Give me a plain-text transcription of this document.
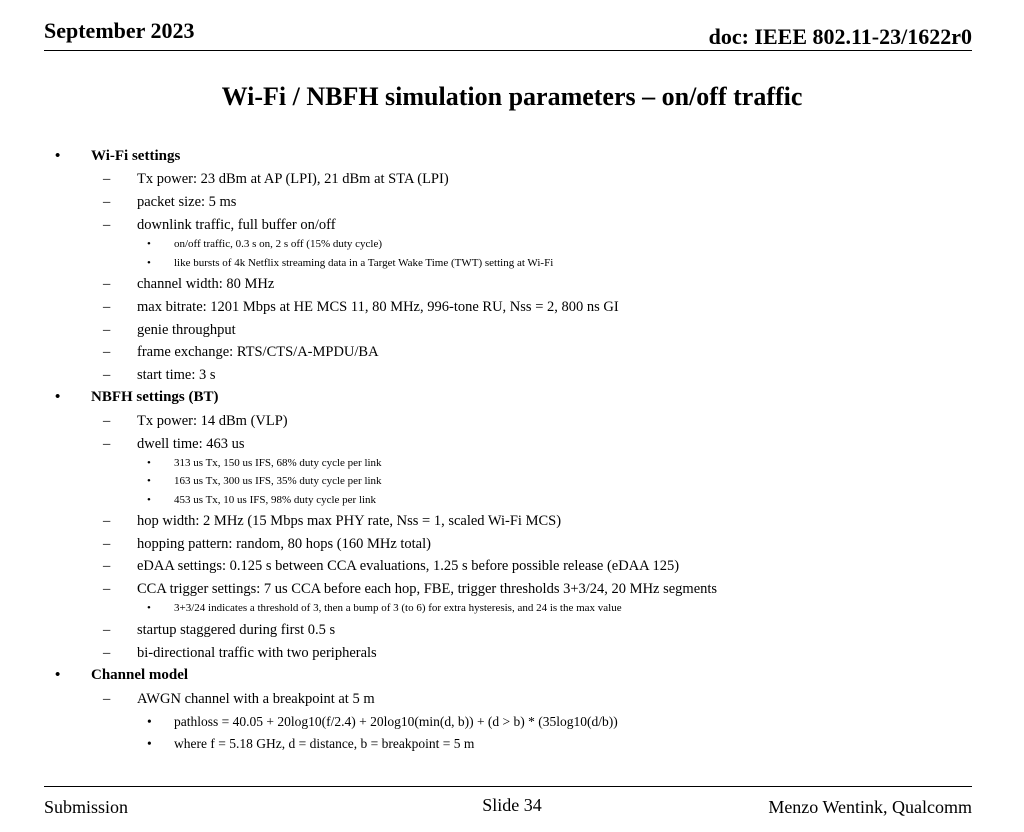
September 2023	doc: IEEE 802.11-23/1622r0
Wi-Fi / NBFH simulation parameters – on/off traffic
• Wi-Fi settings
– Tx power: 23 dBm at AP (LPI), 21 dBm at STA (LPI)
– packet size: 5 ms
– downlink traffic, full buffer on/off
• on/off traffic, 0.3 s on, 2 s off (15% duty cycle)
• like bursts of 4k Netflix streaming data in a Target Wake Time (TWT) setting at Wi-Fi
– channel width: 80 MHz
– max bitrate: 1201 Mbps at HE MCS 11, 80 MHz, 996-tone RU, Nss = 2, 800 ns GI
– genie throughput
– frame exchange: RTS/CTS/A-MPDU/BA
– start time: 3 s
• NBFH settings (BT)
– Tx power: 14 dBm (VLP)
– dwell time: 463 us
• 313 us Tx, 150 us IFS, 68% duty cycle per link
• 163 us Tx, 300 us IFS, 35% duty cycle per link
• 453 us Tx, 10 us IFS, 98% duty cycle per link
– hop width: 2 MHz (15 Mbps max PHY rate, Nss = 1, scaled Wi-Fi MCS)
– hopping pattern: random, 80 hops (160 MHz total)
– eDAA settings: 0.125 s between CCA evaluations, 1.25 s before possible release (eDAA 125)
– CCA trigger settings: 7 us CCA before each hop, FBE, trigger thresholds 3+3/24, 20 MHz segments
• 3+3/24 indicates a threshold of 3, then a bump of 3 (to 6) for extra hysteresis, and 24 is the max value
– startup staggered during first 0.5 s
– bi-directional traffic with two peripherals
• Channel model
– AWGN channel with a breakpoint at 5 m
• pathloss = 40.05 + 20log10(f/2.4) + 20log10(min(d, b)) + (d > b) * (35log10(d/b))
• where f = 5.18 GHz, d = distance, b = breakpoint = 5 m
Submission	Slide 34	Menzo Wentink, Qualcomm
